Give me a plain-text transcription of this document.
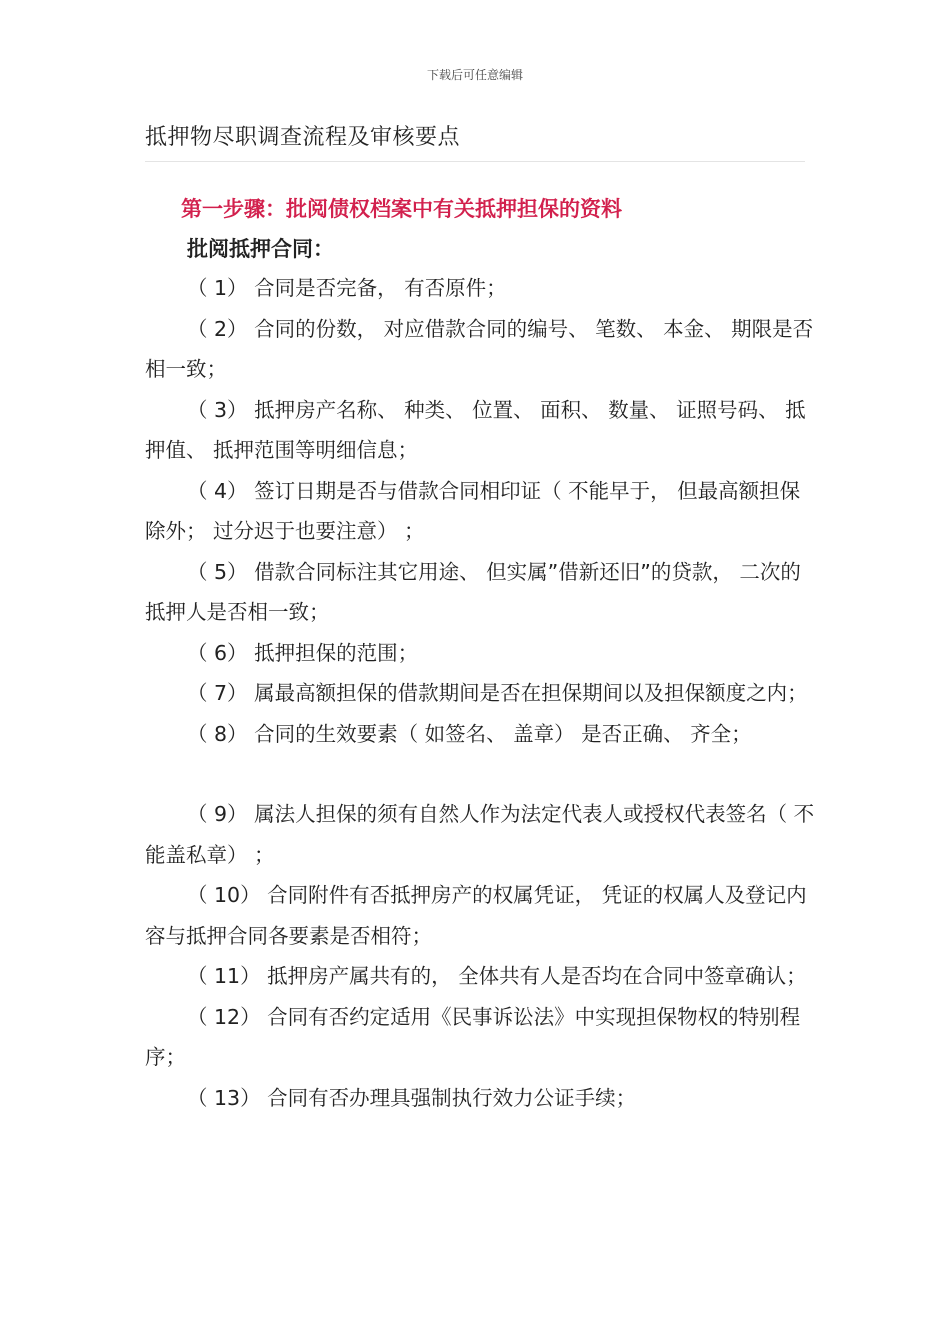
下载后可任意编辑
抵押物尽职调查流程及审核要点
第一步骤：批阅债权档案中有关抵押担保的资料
批阅抵押合同：

（ 1） 合同是否完备， 有否原件；

（ 2） 合同的份数， 对应借款合同的编号、 笔数、 本金、 期限是否相一致；

（ 3） 抵押房产名称、 种类、 位置、 面积、 数量、 证照号码、 抵押值、 抵押范围等明细信息；

（ 4） 签订日期是否与借款合同相印证（ 不能早于， 但最高额担保除外； 过分迟于也要注意） ；

（ 5） 借款合同标注其它用途、 但实属”借新还旧”的贷款， 二次的抵押人是否相一致；

（ 6） 抵押担保的范围；

（ 7） 属最高额担保的借款期间是否在担保期间以及担保额度之内；

（ 8） 合同的生效要素（ 如签名、 盖章） 是否正确、 齐全；

（ 9） 属法人担保的须有自然人作为法定代表人或授权代表签名（ 不能盖私章） ；

（ 10） 合同附件有否抵押房产的权属凭证， 凭证的权属人及登记内容与抵押合同各要素是否相符；

（ 11） 抵押房产属共有的， 全体共有人是否均在合同中签章确认；

（ 12） 合同有否约定适用《民事诉讼法》中实现担保物权的特别程序；

（ 13） 合同有否办理具强制执行效力公证手续；
